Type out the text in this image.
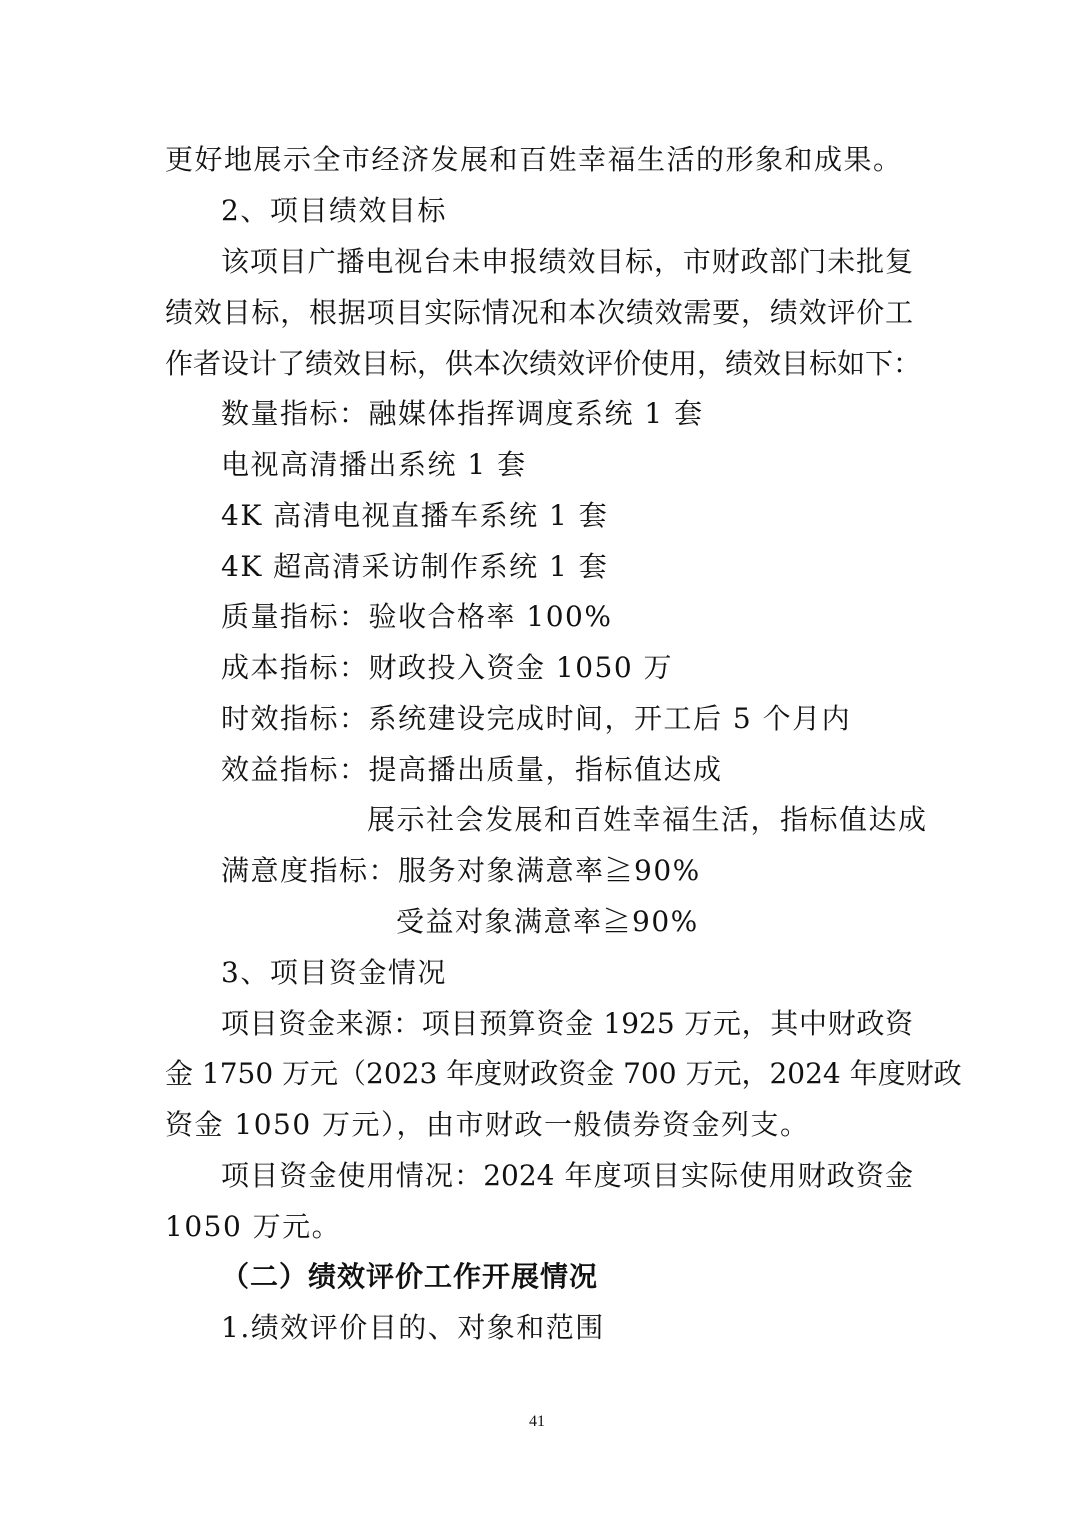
更好地展示全市经济发展和百姓幸福生活的形象和成果。
2、项目绩效目标
该项目广播电视台未申报绩效目标，市财政部门未批复
绩效目标，根据项目实际情况和本次绩效需要，绩效评价工
作者设计了绩效目标，供本次绩效评价使用，绩效目标如下：
数量指标：融媒体指挥调度系统 1 套
电视高清播出系统 1 套
4K 高清电视直播车系统 1 套
4K 超高清采访制作系统 1 套
质量指标：验收合格率 100%
成本指标：财政投入资金 1050 万
时效指标：系统建设完成时间，开工后 5 个月内
效益指标：提高播出质量，指标值达成
展示社会发展和百姓幸福生活，指标值达成
满意度指标：服务对象满意率≧90%
受益对象满意率≧90%
3、项目资金情况
项目资金来源：项目预算资金 1925 万元，其中财政资
金 1750 万元（2023 年度财政资金 700 万元，2024 年度财政
资金 1050 万元），由市财政一般债券资金列支。
项目资金使用情况：2024 年度项目实际使用财政资金
1050 万元。
（二）绩效评价工作开展情况
1.绩效评价目的、对象和范围
41
